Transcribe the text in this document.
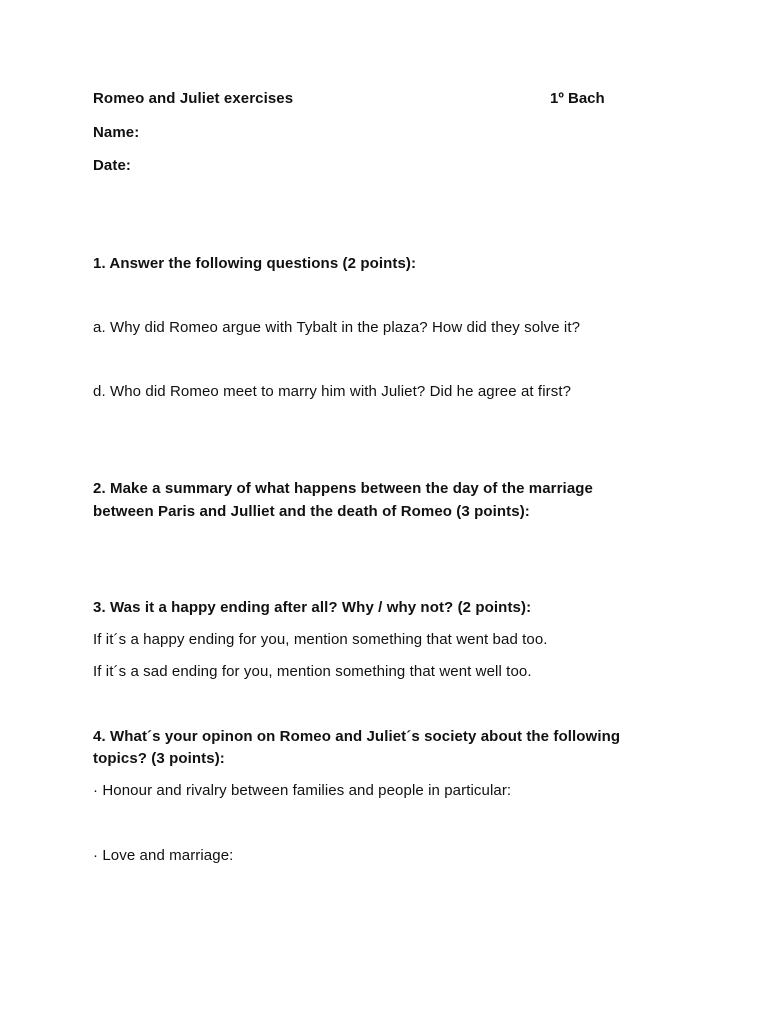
Romeo and Juliet exercises	1º Bach
Name:
Date:
1. Answer the following questions (2 points):
a. Why did Romeo argue with Tybalt in the plaza? How did they solve it?
d. Who did Romeo meet to marry him with Juliet? Did he agree at first?
2. Make a summary of what happens between the day of the marriage
between Paris and Julliet and the death of Romeo (3 points):
3. Was it a happy ending after all? Why / why not? (2 points):
If it´s a happy ending for you, mention something that went bad too.
If it´s a sad ending for you, mention something that went well too.
4. What´s your opinon on Romeo and Juliet´s society about the following
topics? (3 points):
· Honour and rivalry between families and people in particular:
· Love and marriage:
